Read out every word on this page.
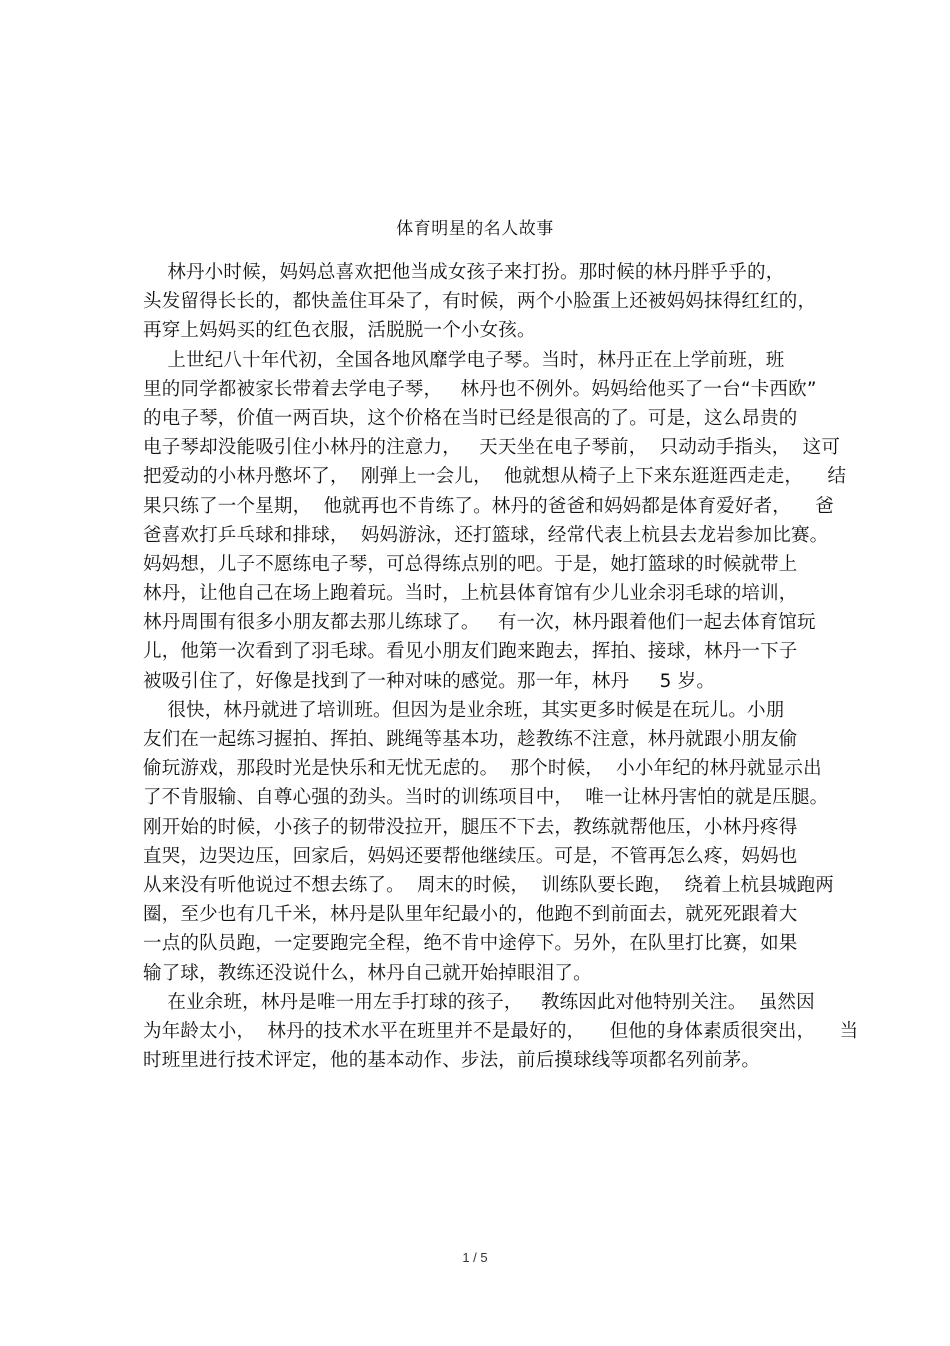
体育明星的名人故事
林丹小时候，妈妈总喜欢把他当成女孩子来打扮。那时候的林丹胖乎乎的，
头发留得长长的，都快盖住耳朵了，有时候，两个小脸蛋上还被妈妈抹得红红的，
再穿上妈妈买的红色衣服，活脱脱一个小女孩。
上世纪八十年代初，全国各地风靡学电子琴。当时，林丹正在上学前班，班
里的同学都被家长带着去学电子琴，   林丹也不例外。妈妈给他买了一台“卡西欧”
的电子琴，价值一两百块，这个价格在当时已经是很高的了。可是，这么昂贵的
电子琴却没能吸引住小林丹的注意力，   天天坐在电子琴前，  只动动手指头，  这可
把爱动的小林丹憋坏了，  刚弹上一会儿，  他就想从椅子上下来东逛逛西走走，    结
果只练了一个星期，  他就再也不肯练了。林丹的爸爸和妈妈都是体育爱好者，    爸
爸喜欢打乒乓球和排球，  妈妈游泳，还打篮球，经常代表上杭县去龙岩参加比赛。
妈妈想，儿子不愿练电子琴，可总得练点别的吧。于是，她打篮球的时候就带上
林丹，让他自己在场上跑着玩。当时，上杭县体育馆有少儿业余羽毛球的培训，
林丹周围有很多小朋友都去那儿练球了。   有一次，林丹跟着他们一起去体育馆玩
儿，他第一次看到了羽毛球。看见小朋友们跑来跑去，挥拍、接球，林丹一下子
被吸引住了，好像是找到了一种对味的感觉。那一年，林丹     5 岁。
很快，林丹就进了培训班。但因为是业余班，其实更多时候是在玩儿。小朋
友们在一起练习握拍、挥拍、跳绳等基本功，趁教练不注意，林丹就跟小朋友偷
偷玩游戏，那段时光是快乐和无忧无虑的。  那个时候，  小小年纪的林丹就显示出
了不肯服输、自尊心强的劲头。当时的训练项目中，  唯一让林丹害怕的就是压腿。
刚开始的时候，小孩子的韧带没拉开，腿压不下去，教练就帮他压，小林丹疼得
直哭，边哭边压，回家后，妈妈还要帮他继续压。可是，不管再怎么疼，妈妈也
从来没有听他说过不想去练了。  周末的时候，  训练队要长跑，  绕着上杭县城跑两
圈，至少也有几千米，林丹是队里年纪最小的，他跑不到前面去，就死死跟着大
一点的队员跑，一定要跑完全程，绝不肯中途停下。另外，在队里打比赛，如果
输了球，教练还没说什么，林丹自己就开始掉眼泪了。
在业余班，林丹是唯一用左手打球的孩子，   教练因此对他特别关注。  虽然因
为年龄太小，  林丹的技术水平在班里并不是最好的，    但他的身体素质很突出，    当
时班里进行技术评定，他的基本动作、步法，前后摸球线等项都名列前茅。
1 / 5
